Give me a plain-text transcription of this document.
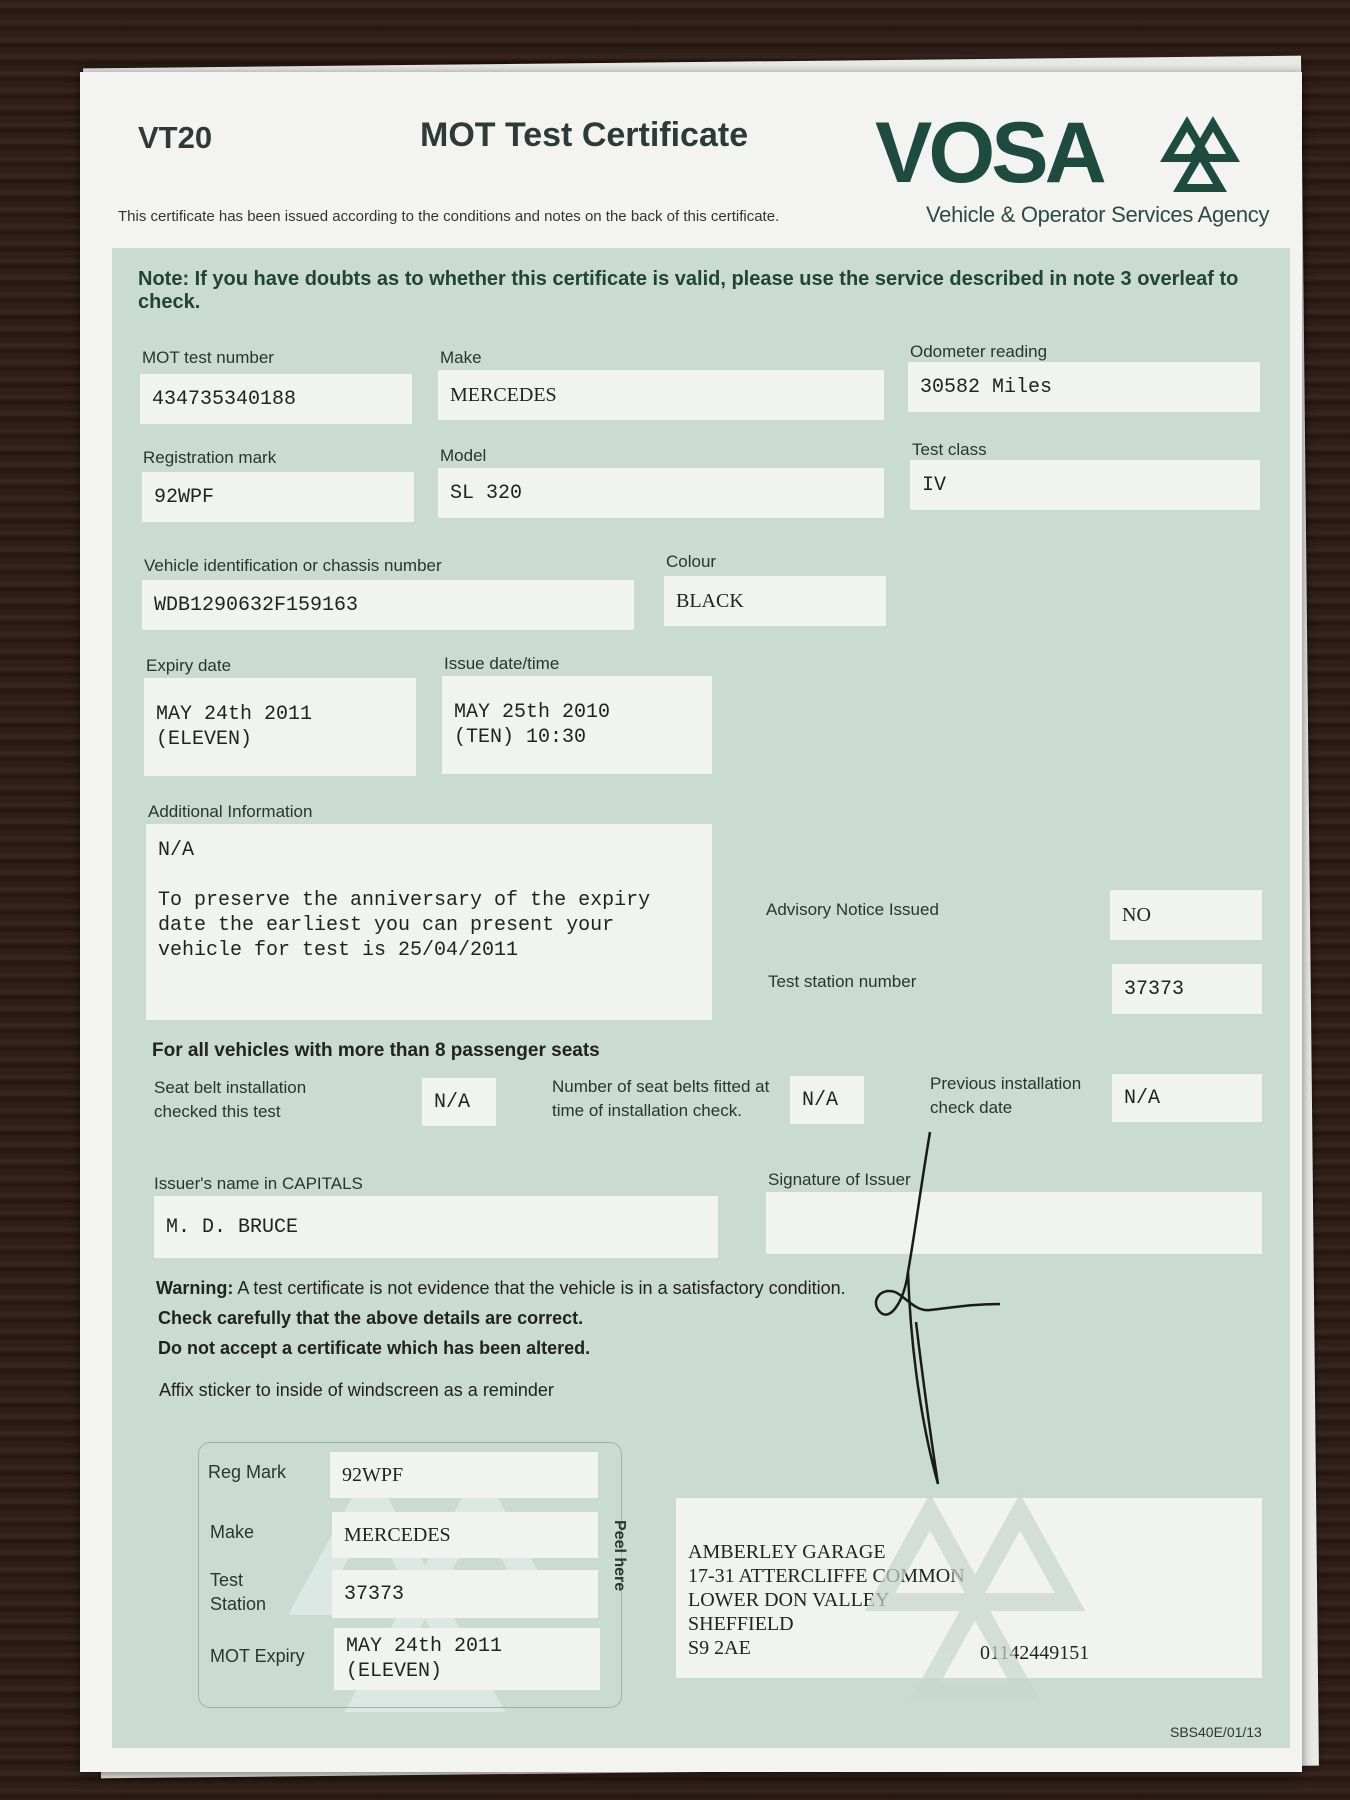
VT20	MOT Test Certificate
This certificate has been issued according to the conditions and notes on the back of this certificate.
VOSA
Vehicle & Operator Services Agency
Note: If you have doubts as to whether this certificate is valid, please use the service described in note 3 overleaf to check.
MOT test number
434735340188
Make
MERCEDES
Odometer reading
30582 Miles
Registration mark
92WPF
Model
SL 320
Test class
IV
Vehicle identification or chassis number
WDB1290632F159163
Colour
BLACK
Expiry date
MAY 24th 2011
(ELEVEN)
Issue date/time
MAY 25th 2010
(TEN) 10:30
Additional Information
N/A

To preserve the anniversary of the expiry
date the earliest you can present your
vehicle for test is 25/04/2011
Advisory Notice Issued	NO
Test station number	37373
For all vehicles with more than 8 passenger seats
Seat belt installation
checked this test	N/A
Number of seat belts fitted at
time of installation check.	N/A
Previous installation
check date	N/A
Issuer's name in CAPITALS
M. D. BRUCE
Signature of Issuer
Warning: A test certificate is not evidence that the vehicle is in a satisfactory condition.
Check carefully that the above details are correct.
Do not accept a certificate which has been altered.
Affix sticker to inside of windscreen as a reminder
Reg Mark	92WPF
Make	MERCEDES
Test
Station	37373
MOT Expiry	MAY 24th 2011
(ELEVEN)
Peel here	AMBERLEY GARAGE
17-31 ATTERCLIFFE COMMON
LOWER DON VALLEY
SHEFFIELD
S9 2AE	01142449151
SBS40E/01/13
